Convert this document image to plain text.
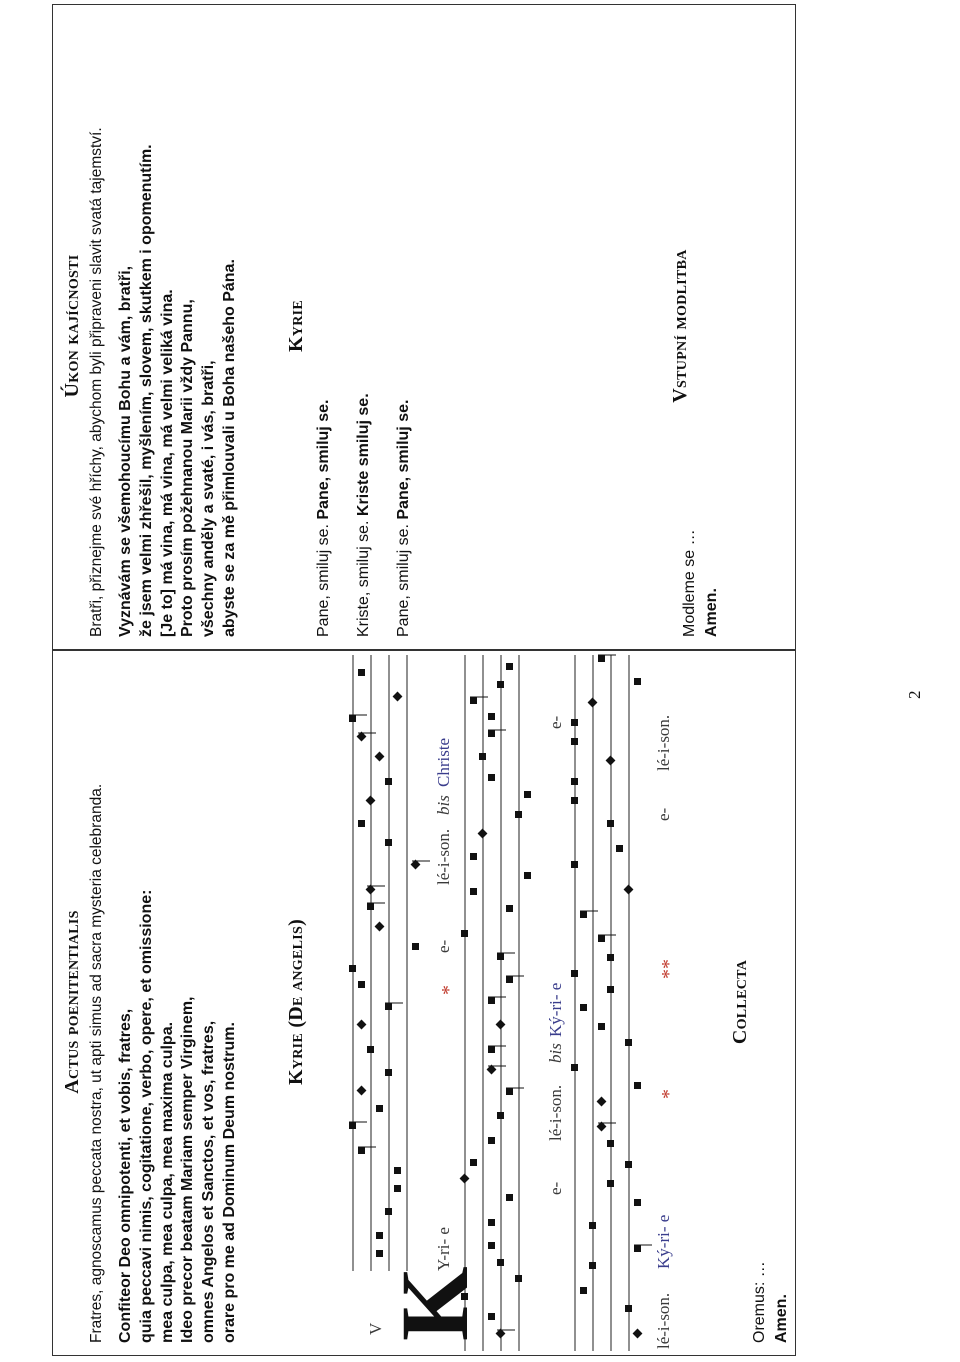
Actus poenitentialis Fratres, agnoscamus peccata nostra, ut apti simus ad sacra mysteria celebranda. Confiteor Deo omnipotenti, et vobis, fratres, quia peccavi nimis, cogitatione, verbo, opere, et omissione: mea culpa, mea culpa, mea maxima culpa. Ideo precor beatam Mariam semper Virginem, omnes Angelos et Sanctos, et vos, fratres, orare pro me ad Dominum Deum nostrum.
Kyrie (De angelis)
V
K
Y-ri- e
*
e-
lé-i-son.
bis
Christe
e-
lé-i-son.
bis
Ký-ri- e
e-
lé-i-son.
Ký-ri- e
*
**
e-
lé-i-son.
Collecta
Oremus: … Amen.
Úkon kajícnosti Bratři, přiznejme své hříchy, abychom byli připraveni slavit svatá tajemství. Vyznávám se všemohoucímu Bohu a vám, bratři, že jsem velmi zhřešil, myšlením, slovem, skutkem i opomenutím. [Je to] má vina, má vina, má velmi veliká vina. Proto prosím požehnanou Marii vždy Pannu, všechny anděly a svaté, i vás, bratři, abyste se za mě přimlouvali u Boha našeho Pána. Kyrie
Pane, smiluj se. Pane, smiluj se.
Kriste, smiluj se. Kriste smiluj se.
Pane, smiluj se. Pane, smiluj se.
Vstupní modlitba
Modleme se … Amen.
2
